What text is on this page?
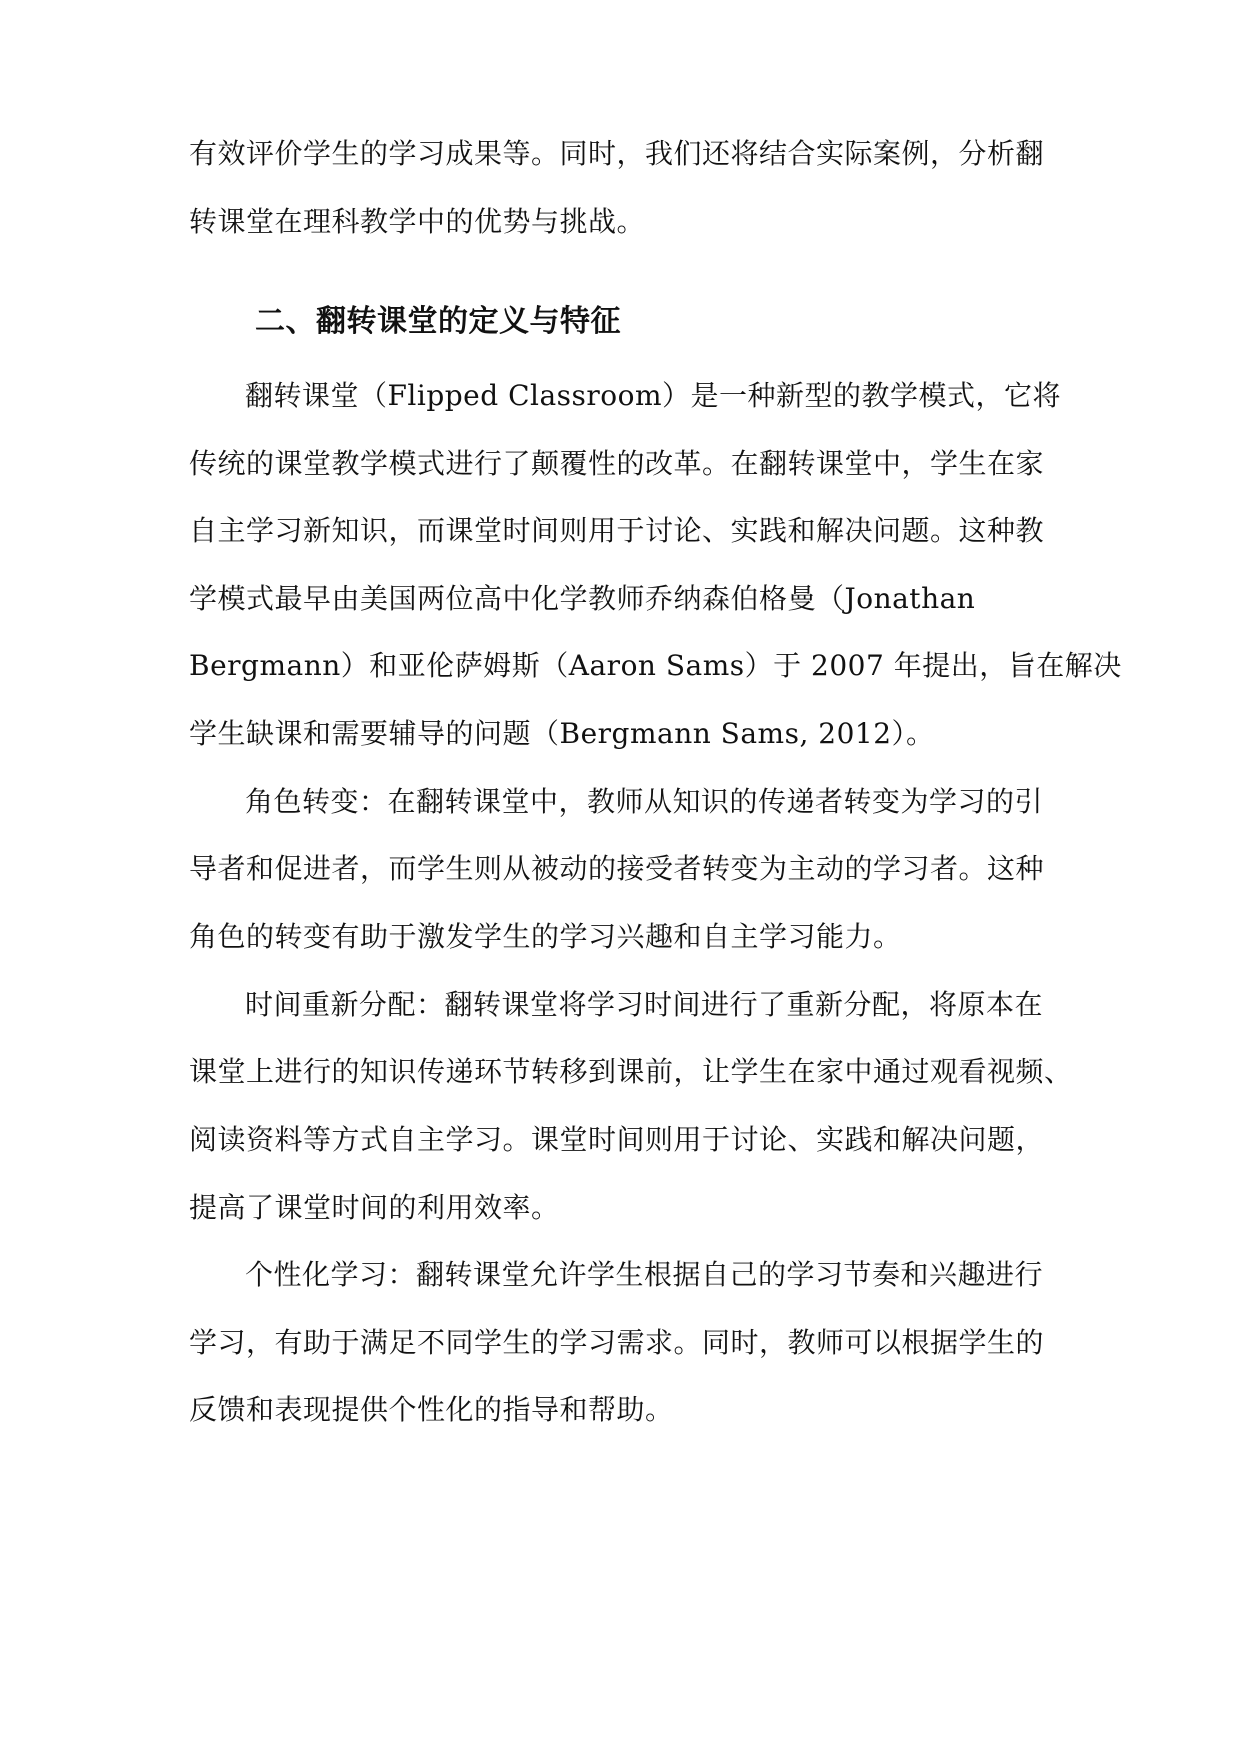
有效评价学生的学习成果等。同时，我们还将结合实际案例，分析翻
转课堂在理科教学中的优势与挑战。
二、翻转课堂的定义与特征
翻转课堂（Flipped Classroom）是一种新型的教学模式，它将
传统的课堂教学模式进行了颠覆性的改革。在翻转课堂中，学生在家
自主学习新知识，而课堂时间则用于讨论、实践和解决问题。这种教
学模式最早由美国两位高中化学教师乔纳森伯格曼（Jonathan
Bergmann）和亚伦萨姆斯（Aaron Sams）于 2007 年提出，旨在解决
学生缺课和需要辅导的问题（Bergmann Sams, 2012）。
角色转变：在翻转课堂中，教师从知识的传递者转变为学习的引
导者和促进者，而学生则从被动的接受者转变为主动的学习者。这种
角色的转变有助于激发学生的学习兴趣和自主学习能力。
时间重新分配：翻转课堂将学习时间进行了重新分配，将原本在
课堂上进行的知识传递环节转移到课前，让学生在家中通过观看视频、
阅读资料等方式自主学习。课堂时间则用于讨论、实践和解决问题，
提高了课堂时间的利用效率。
个性化学习：翻转课堂允许学生根据自己的学习节奏和兴趣进行
学习，有助于满足不同学生的学习需求。同时，教师可以根据学生的
反馈和表现提供个性化的指导和帮助。
